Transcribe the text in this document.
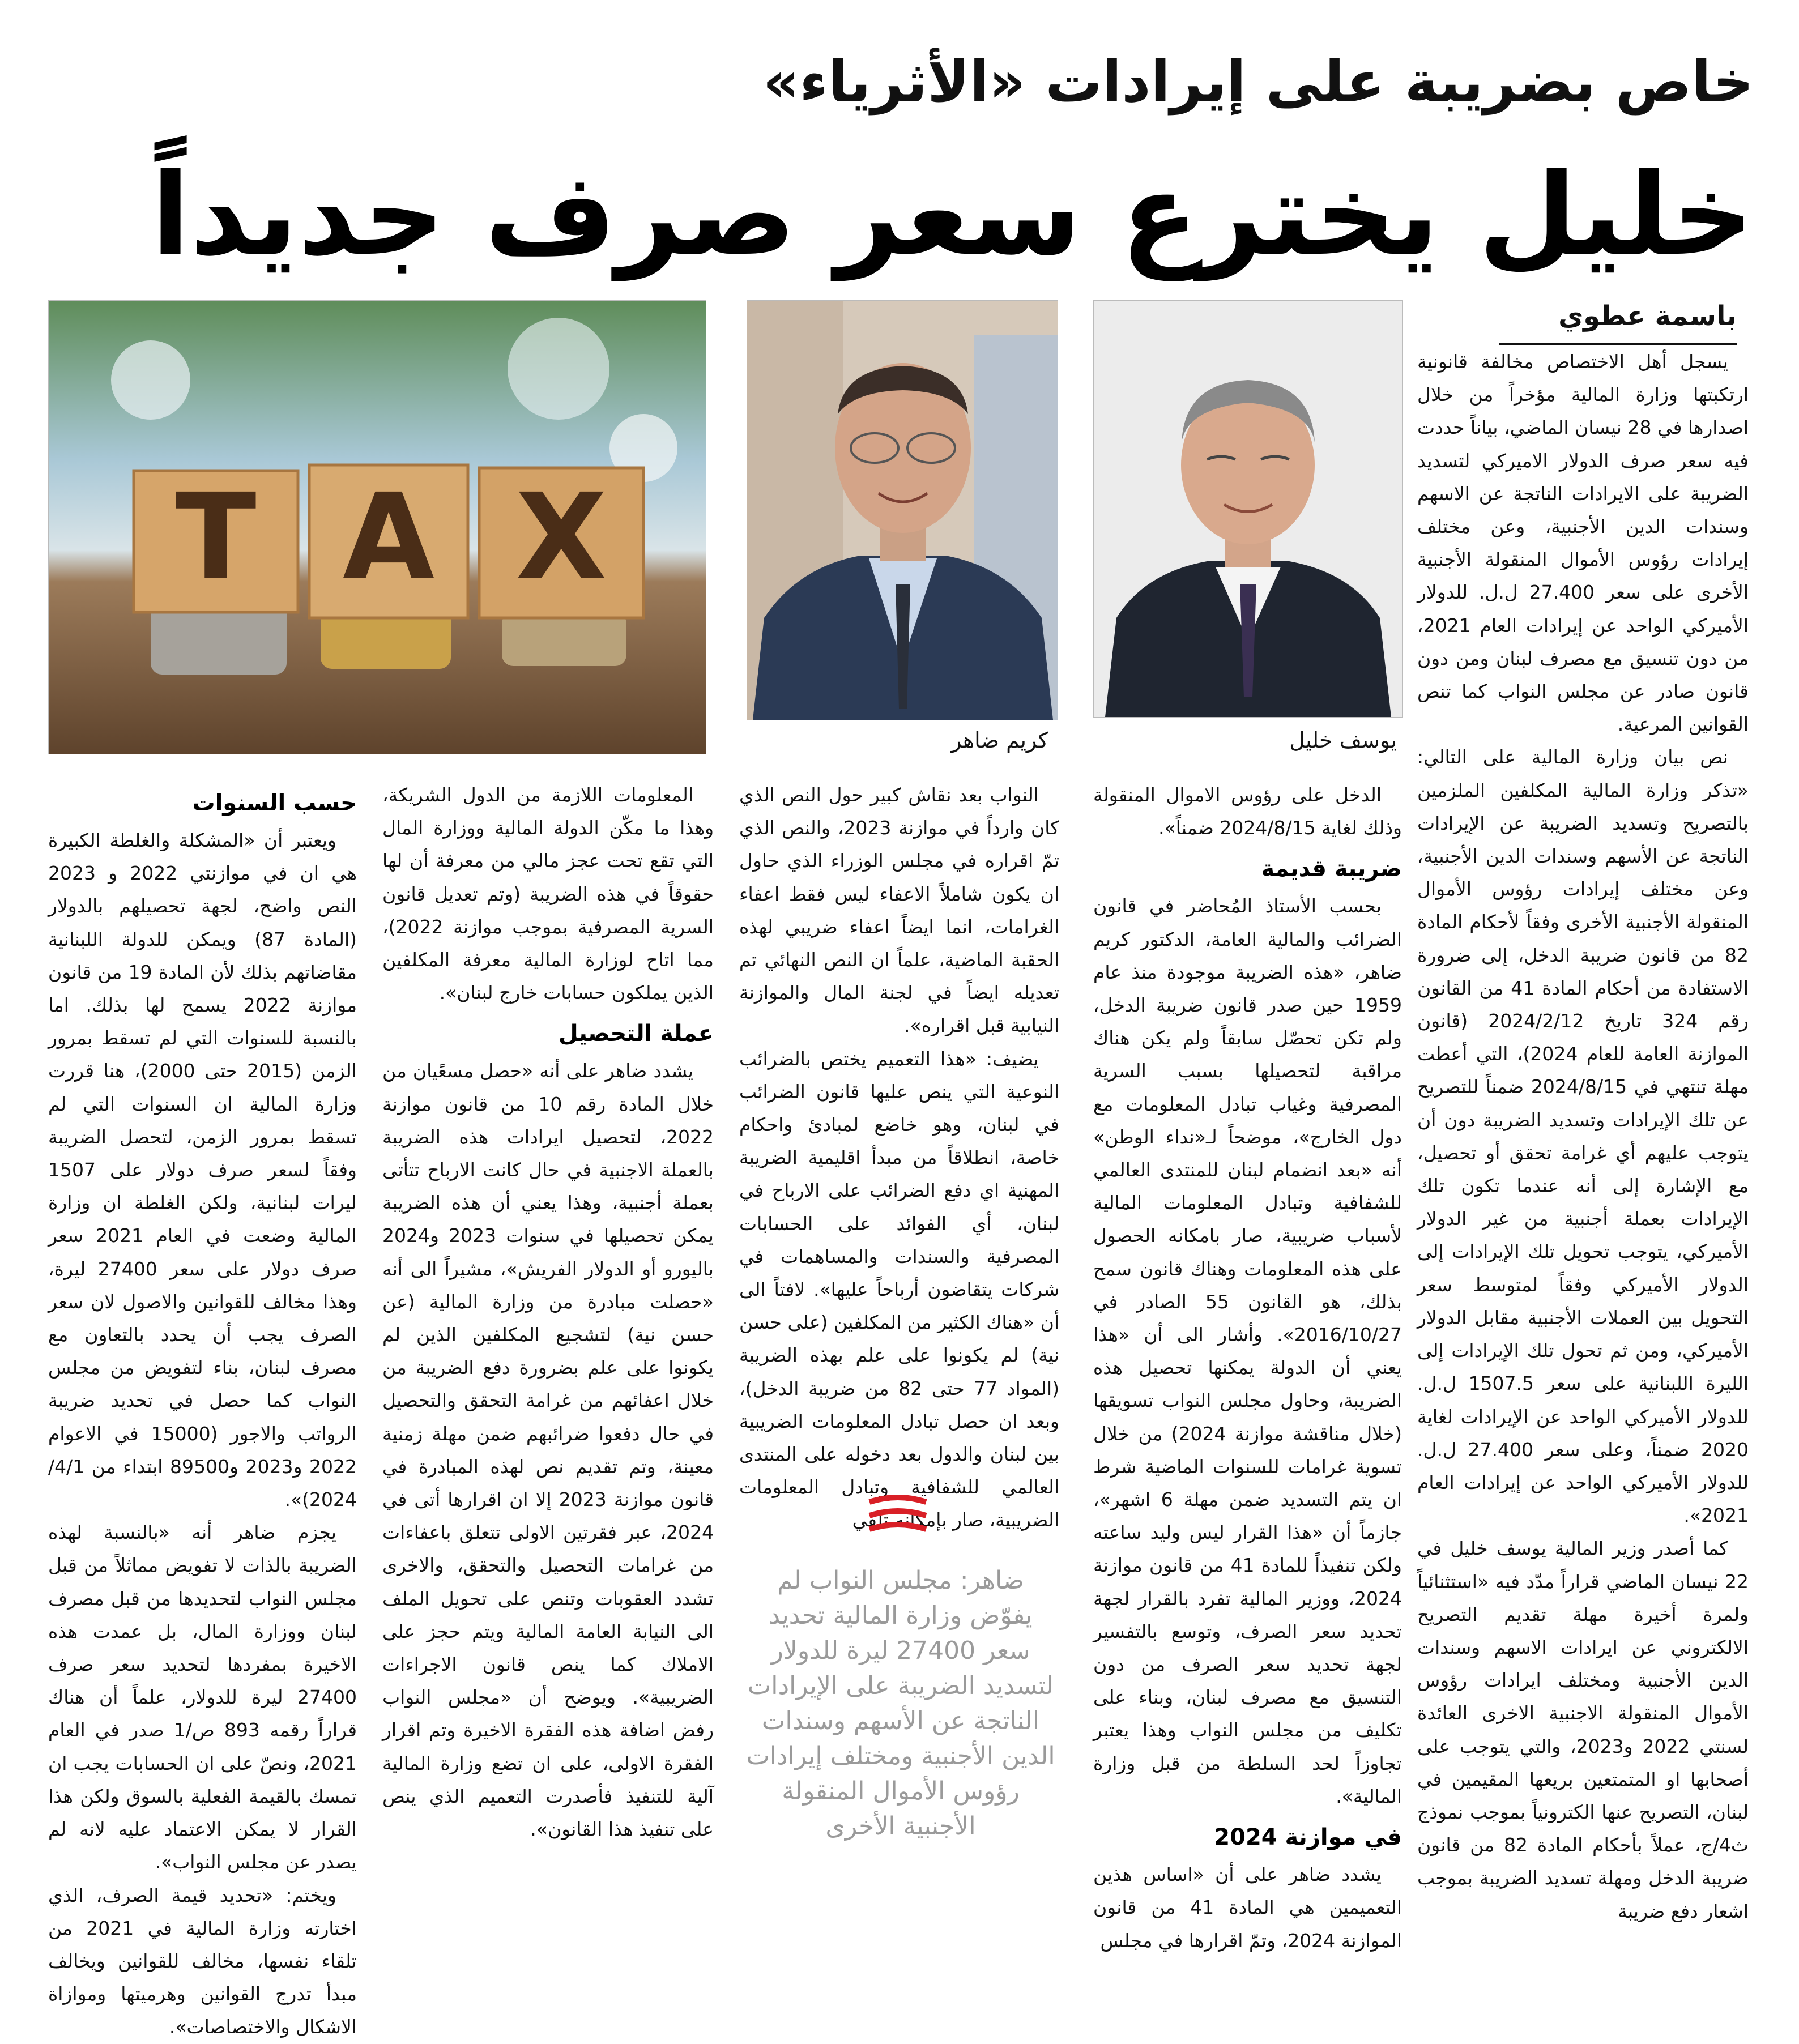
خاص بضريبة على إيرادات «الأثرياء»
خليل يخترع سعر صرف جديداً
باسمة عطوي
يوسف خليل
كريم ضاهر
T A X

يسجل أهل الاختصاص مخالفة قانونية ارتكبتها وزارة المالية مؤخراً من خلال اصدارها في 28 نيسان الماضي، بياناً حددت فيه سعر صرف الدولار الاميركي لتسديد الضريبة على الايرادات الناتجة عن الاسهم وسندات الدين الأجنبية، وعن مختلف إيرادات رؤوس الأموال المنقولة الأجنبية الأخرى على سعر 27.400 ل.ل. للدولار الأميركي الواحد عن إيرادات العام 2021، من دون تنسيق مع مصرف لبنان ومن دون قانون صادر عن مجلس النواب كما تنص القوانين المرعية.

نص بيان وزارة المالية على التالي: «تذكر وزارة المالية المكلفين الملزمين بالتصريح وتسديد الضريبة عن الإيرادات الناتجة عن الأسهم وسندات الدين الأجنبية، وعن مختلف إيرادات رؤوس الأموال المنقولة الأجنبية الأخرى وفقاً لأحكام المادة 82 من قانون ضريبة الدخل، إلى ضرورة الاستفادة من أحكام المادة 41 من القانون رقم 324 تاريخ 2024/2/12 (قانون الموازنة العامة للعام 2024)، التي أعطت مهلة تنتهي في 2024/8/15 ضمناً للتصريح عن تلك الإيرادات وتسديد الضريبة دون أن يتوجب عليهم أي غرامة تحقق أو تحصيل، مع الإشارة إلى أنه عندما تكون تلك الإيرادات بعملة أجنبية من غير الدولار الأميركي، يتوجب تحويل تلك الإيرادات إلى الدولار الأميركي وفقاً لمتوسط سعر التحويل بين العملات الأجنبية مقابل الدولار الأميركي، ومن ثم تحول تلك الإيرادات إلى الليرة اللبنانية على سعر 1507.5 ل.ل. للدولار الأميركي الواحد عن الإيرادات لغاية 2020 ضمناً، وعلى سعر 27.400 ل.ل. للدولار الأميركي الواحد عن إيرادات العام 2021».

كما أصدر وزير المالية يوسف خليل في 22 نيسان الماضي قراراً مدّد فيه «استثنائياً ولمرة أخيرة مهلة تقديم التصريح الالكتروني عن ايرادات الاسهم وسندات الدين الأجنبية ومختلف ايرادات رؤوس الأموال المنقولة الاجنبية الاخرى العائدة لسنتي 2022 و2023، والتي يتوجب على أصحابها او المتمتعين بريعها المقيمين في لبنان، التصريح عنها الكترونياً بموجب نموذج ث4/ج، عملاً بأحكام المادة 82 من قانون ضريبة الدخل ومهلة تسديد الضريبة بموجب اشعار دفع ضريبة

الدخل على رؤوس الاموال المنقولة وذلك لغاية 2024/8/15 ضمناً».

ضريبة قديمة

بحسب الأستاذ المُحاضر في قانون الضرائب والمالية العامة، الدكتور كريم ضاهر، «هذه الضريبة موجودة منذ عام 1959 حين صدر قانون ضريبة الدخل، ولم تكن تحصّل سابقاً ولم يكن هناك مراقبة لتحصيلها بسبب السرية المصرفية وغياب تبادل المعلومات مع دول الخارج»، موضحاً لـ«نداء الوطن» أنه «بعد انضمام لبنان للمنتدى العالمي للشفافية وتبادل المعلومات المالية لأسباب ضريبية، صار بامكانه الحصول على هذه المعلومات وهناك قانون سمح بذلك، هو القانون 55 الصادر في 2016/10/27». وأشار الى أن «هذا يعني أن الدولة يمكنها تحصيل هذه الضريبة، وحاول مجلس النواب تسويقها (خلال مناقشة موازنة 2024) من خلال تسوية غرامات للسنوات الماضية شرط ان يتم التسديد ضمن مهلة 6 اشهر»، جازماً أن «هذا القرار ليس وليد ساعته ولكن تنفيذاً للمادة 41 من قانون موازنة 2024، ووزير المالية تفرد بالقرار لجهة تحديد سعر الصرف، وتوسع بالتفسير لجهة تحديد سعر الصرف من دون التنسيق مع مصرف لبنان، وبناء على تكليف من مجلس النواب وهذا يعتبر تجاوزاً لحد السلطة من قبل وزارة المالية».

في موازنة 2024

يشدد ضاهر على أن «اساس هذين التعميمين هي المادة 41 من قانون الموازنة 2024، وتمّ اقرارها في مجلس

النواب بعد نقاش كبير حول النص الذي كان وارداً في موازنة 2023، والنص الذي تمّ اقراره في مجلس الوزراء الذي حاول ان يكون شاملاً الاعفاء ليس فقط اعفاء الغرامات، انما ايضاً اعفاء ضريبي لهذه الحقبة الماضية، علماً ان النص النهائي تم تعديله ايضاً في لجنة المال والموازنة النيابية قبل اقراره».

يضيف: «هذا التعميم يختص بالضرائب النوعية التي ينص عليها قانون الضرائب في لبنان، وهو خاضع لمبادئ واحكام خاصة، انطلاقاً من مبدأ اقليمية الضريبة المهنية اي دفع الضرائب على الارباح في لبنان، أي الفوائد على الحسابات المصرفية والسندات والمساهمات في شركات يتقاضون أرباحاً عليها». لافتاً الى أن «هناك الكثير من المكلفين (على حسن نية) لم يكونوا على علم بهذه الضريبة (المواد 77 حتى 82 من ضريبة الدخل)، وبعد ان حصل تبادل المعلومات الضريبية بين لبنان والدول بعد دخوله على المنتدى العالمي للشفافية وتبادل المعلومات الضريبية، صار بإمكانه تلقي

ضاهر: مجلس النواب لم يفوّض وزارة المالية تحديد سعر 27400 ليرة للدولار لتسديد الضريبة على الإيرادات الناتجة عن الأسهم وسندات الدين الأجنبية ومختلف إيرادات رؤوس الأموال المنقولة الأجنبية الأخرى

المعلومات اللازمة من الدول الشريكة، وهذا ما مكّن الدولة المالية ووزارة المال التي تقع تحت عجز مالي من معرفة أن لها حقوقاً في هذه الضريبة (وتم تعديل قانون السرية المصرفية بموجب موازنة 2022)، مما اتاح لوزارة المالية معرفة المكلفين الذين يملكون حسابات خارج لبنان».

عملة التحصيل

يشدد ضاهر على أنه «حصل مسعًيان من خلال المادة رقم 10 من قانون موازنة 2022، لتحصيل ايرادات هذه الضريبة بالعملة الاجنبية في حال كانت الارباح تتأتى بعملة أجنبية، وهذا يعني أن هذه الضريبة يمكن تحصيلها في سنوات 2023 و2024 باليورو أو الدولار الفريش»، مشيراً الى أنه «حصلت مبادرة من وزارة المالية (عن حسن نية) لتشجيع المكلفين الذين لم يكونوا على علم بضرورة دفع الضريبة من خلال اعفائهم من غرامة التحقق والتحصيل في حال دفعوا ضرائبهم ضمن مهلة زمنية معينة، وتم تقديم نص لهذه المبادرة في قانون موازنة 2023 إلا ان اقرارها أتى في 2024، عبر فقرتين الاولى تتعلق باعفاءات من غرامات التحصيل والتحقق، والاخرى تشدد العقوبات وتنص على تحويل الملف الى النيابة العامة المالية ويتم حجز على الاملاك كما ينص قانون الاجراءات الضريبية». ويوضح أن «مجلس النواب رفض اضافة هذه الفقرة الاخيرة وتم اقرار الفقرة الاولى، على ان تضع وزارة المالية آلية للتنفيذ فأصدرت التعميم الذي ينص على تنفيذ هذا القانون».

حسب السنوات

ويعتبر أن «المشكلة والغلطة الكبيرة هي ان في موازنتي 2022 و 2023 النص واضح، لجهة تحصيلهم بالدولار (المادة 87) ويمكن للدولة اللبنانية مقاضاتهم بذلك لأن المادة 19 من قانون موازنة 2022 يسمح لها بذلك. اما بالنسبة للسنوات التي لم تسقط بمرور الزمن (2015 حتى 2000)، هنا قررت وزارة المالية ان السنوات التي لم تسقط بمرور الزمن، لتحصل الضريبة وفقاً لسعر صرف دولار على 1507 ليرات لبنانية، ولكن الغلطة ان وزارة المالية وضعت في العام 2021 سعر صرف دولار على سعر 27400 ليرة، وهذا مخالف للقوانين والاصول لان سعر الصرف يجب أن يحدد بالتعاون مع مصرف لبنان، بناء لتفويض من مجلس النواب كما حصل في تحديد ضريبة الرواتب والاجور (15000 في الاعوام 2022 و2023 و89500 ابتداء من 4/1/ 2024)».

يجزم ضاهر أنه «بالنسبة لهذه الضريبة بالذات لا تفويض مماثلاً من قبل مجلس النواب لتحديدها من قبل مصرف لبنان ووزارة المال، بل عمدت هذه الاخيرة بمفردها لتحديد سعر صرف 27400 ليرة للدولار، علماً أن هناك قراراً رقمه 893 ص/1 صدر في العام 2021، ونصّ على ان الحسابات يجب ان تمسك بالقيمة الفعلية بالسوق ولكن هذا القرار لا يمكن الاعتماد عليه لانه لم يصدر عن مجلس النواب».

ويختم: «تحديد قيمة الصرف، الذي اختارته وزارة المالية في 2021 من تلقاء نفسها، مخالف للقوانين ويخالف مبدأ تدرج القوانين وهرميتها وموازاة الاشكال والاختصاصات».
